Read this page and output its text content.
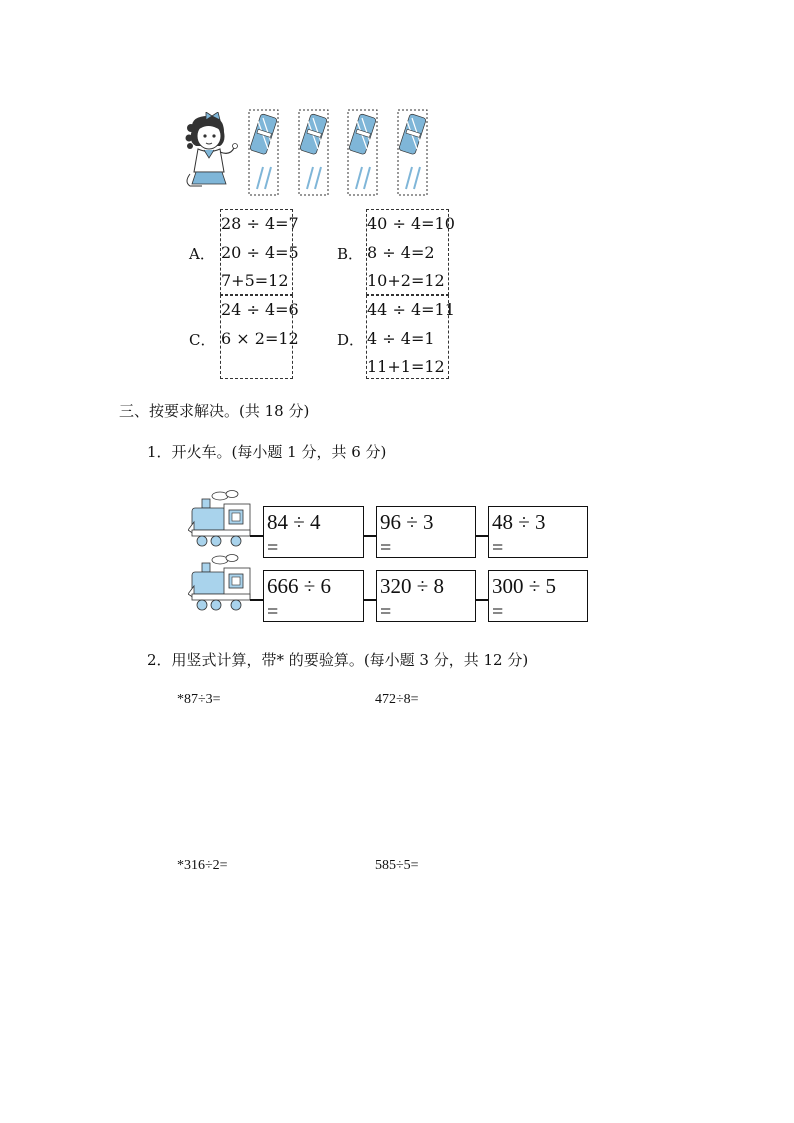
A．
28 ÷ 4=7
20 ÷ 4=5
7+5=12
B．
40 ÷ 4=10
8 ÷ 4=2
10+2=12
C．
24 ÷ 4=6
6 × 2=12	D．
44 ÷ 4=11
4 ÷ 4=1
11+1=12
三、按要求解决。(共 18 分)
1．开火车。(每小题 1 分，共 6 分)
84 ÷ 4
=
96 ÷ 3
=
48 ÷ 3
=
666 ÷ 6
=
320 ÷ 8
=
300 ÷ 5
=
2．用竖式计算，带* 的要验算。(每小题 3 分，共 12 分)
*87÷3=	472÷8=
*316÷2=	585÷5=
